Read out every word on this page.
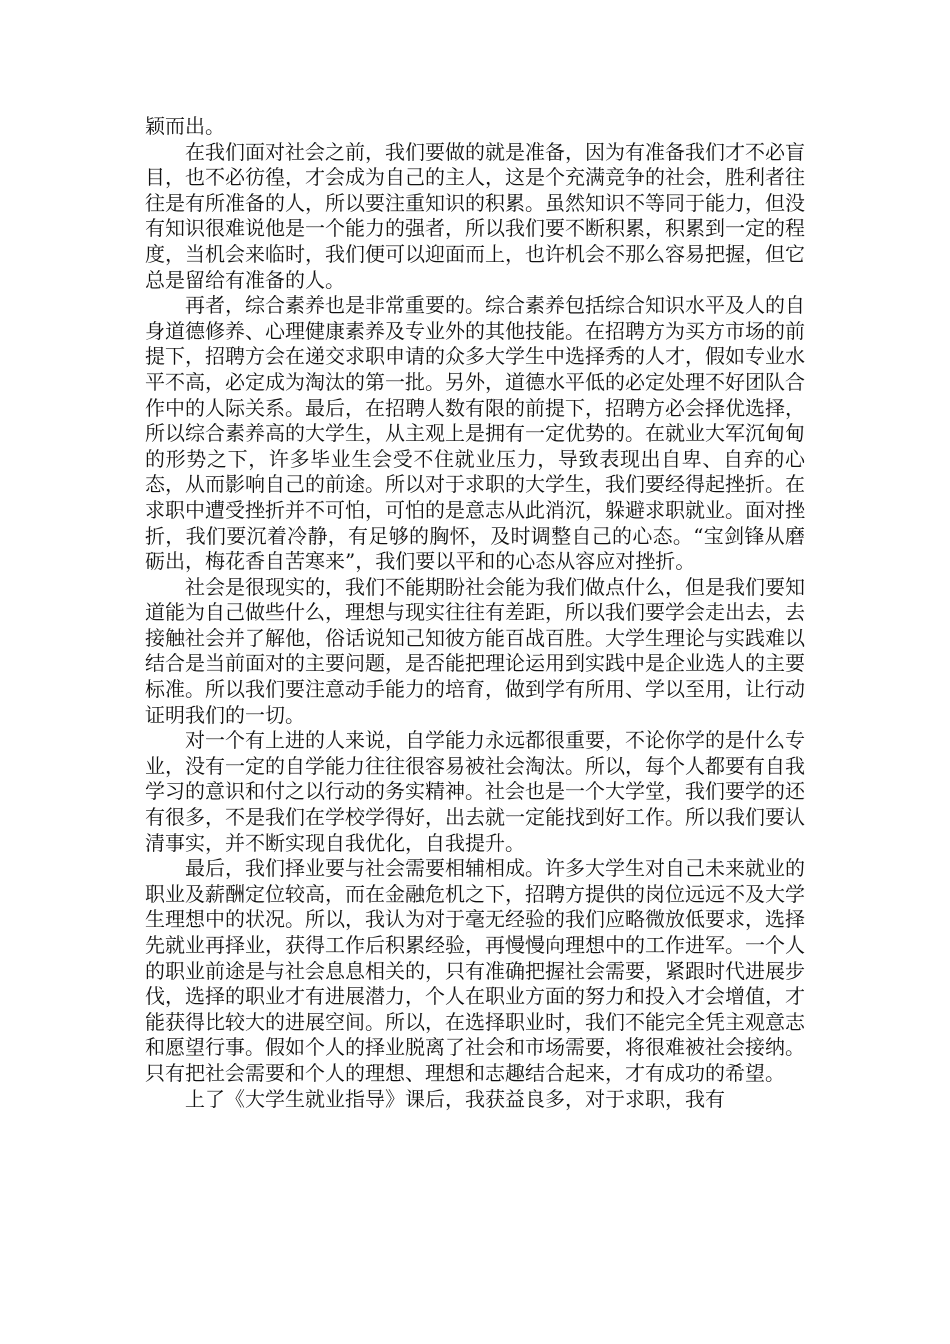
颖而出。

在我们面对社会之前，我们要做的就是准备，因为有准备我们才不必盲目，也不必彷徨，才会成为自己的主人，这是个充满竞争的社会，胜利者往往是有所准备的人，所以要注重知识的积累。虽然知识不等同于能力，但没有知识很难说他是一个能力的强者，所以我们要不断积累，积累到一定的程度，当机会来临时，我们便可以迎面而上，也许机会不那么容易把握，但它总是留给有准备的人。

再者，综合素养也是非常重要的。综合素养包括综合知识水平及人的自身道德修养、心理健康素养及专业外的其他技能。在招聘方为买方市场的前提下，招聘方会在递交求职申请的众多大学生中选择秀的人才，假如专业水平不高，必定成为淘汰的第一批。另外，道德水平低的必定处理不好团队合作中的人际关系。最后，在招聘人数有限的前提下，招聘方必会择优选择，所以综合素养高的大学生，从主观上是拥有一定优势的。在就业大军沉甸甸的形势之下，许多毕业生会受不住就业压力，导致表现出自卑、自弃的心态，从而影响自己的前途。所以对于求职的大学生，我们要经得起挫折。在求职中遭受挫折并不可怕，可怕的是意志从此消沉，躲避求职就业。面对挫折，我们要沉着冷静，有足够的胸怀，及时调整自己的心态。“宝剑锋从磨砺出，梅花香自苦寒来”，我们要以平和的心态从容应对挫折。

社会是很现实的，我们不能期盼社会能为我们做点什么，但是我们要知道能为自己做些什么，理想与现实往往有差距，所以我们要学会走出去，去接触社会并了解他，俗话说知己知彼方能百战百胜。大学生理论与实践难以结合是当前面对的主要问题，是否能把理论运用到实践中是企业选人的主要标准。所以我们要注意动手能力的培育，做到学有所用、学以至用，让行动证明我们的一切。

对一个有上进的人来说，自学能力永远都很重要，不论你学的是什么专业，没有一定的自学能力往往很容易被社会淘汰。所以，每个人都要有自我学习的意识和付之以行动的务实精神。社会也是一个大学堂，我们要学的还有很多，不是我们在学校学得好，出去就一定能找到好工作。所以我们要认清事实，并不断实现自我优化，自我提升。

最后，我们择业要与社会需要相辅相成。许多大学生对自己未来就业的职业及薪酬定位较高，而在金融危机之下，招聘方提供的岗位远远不及大学生理想中的状况。所以，我认为对于毫无经验的我们应略微放低要求，选择先就业再择业，获得工作后积累经验，再慢慢向理想中的工作进军。一个人的职业前途是与社会息息相关的，只有准确把握社会需要，紧跟时代进展步伐，选择的职业才有进展潜力，个人在职业方面的努力和投入才会增值，才能获得比较大的进展空间。所以，在选择职业时，我们不能完全凭主观意志和愿望行事。假如个人的择业脱离了社会和市场需要，将很难被社会接纳。只有把社会需要和个人的理想、理想和志趣结合起来，才有成功的希望。

上了《大学生就业指导》课后，我获益良多，对于求职，我有
